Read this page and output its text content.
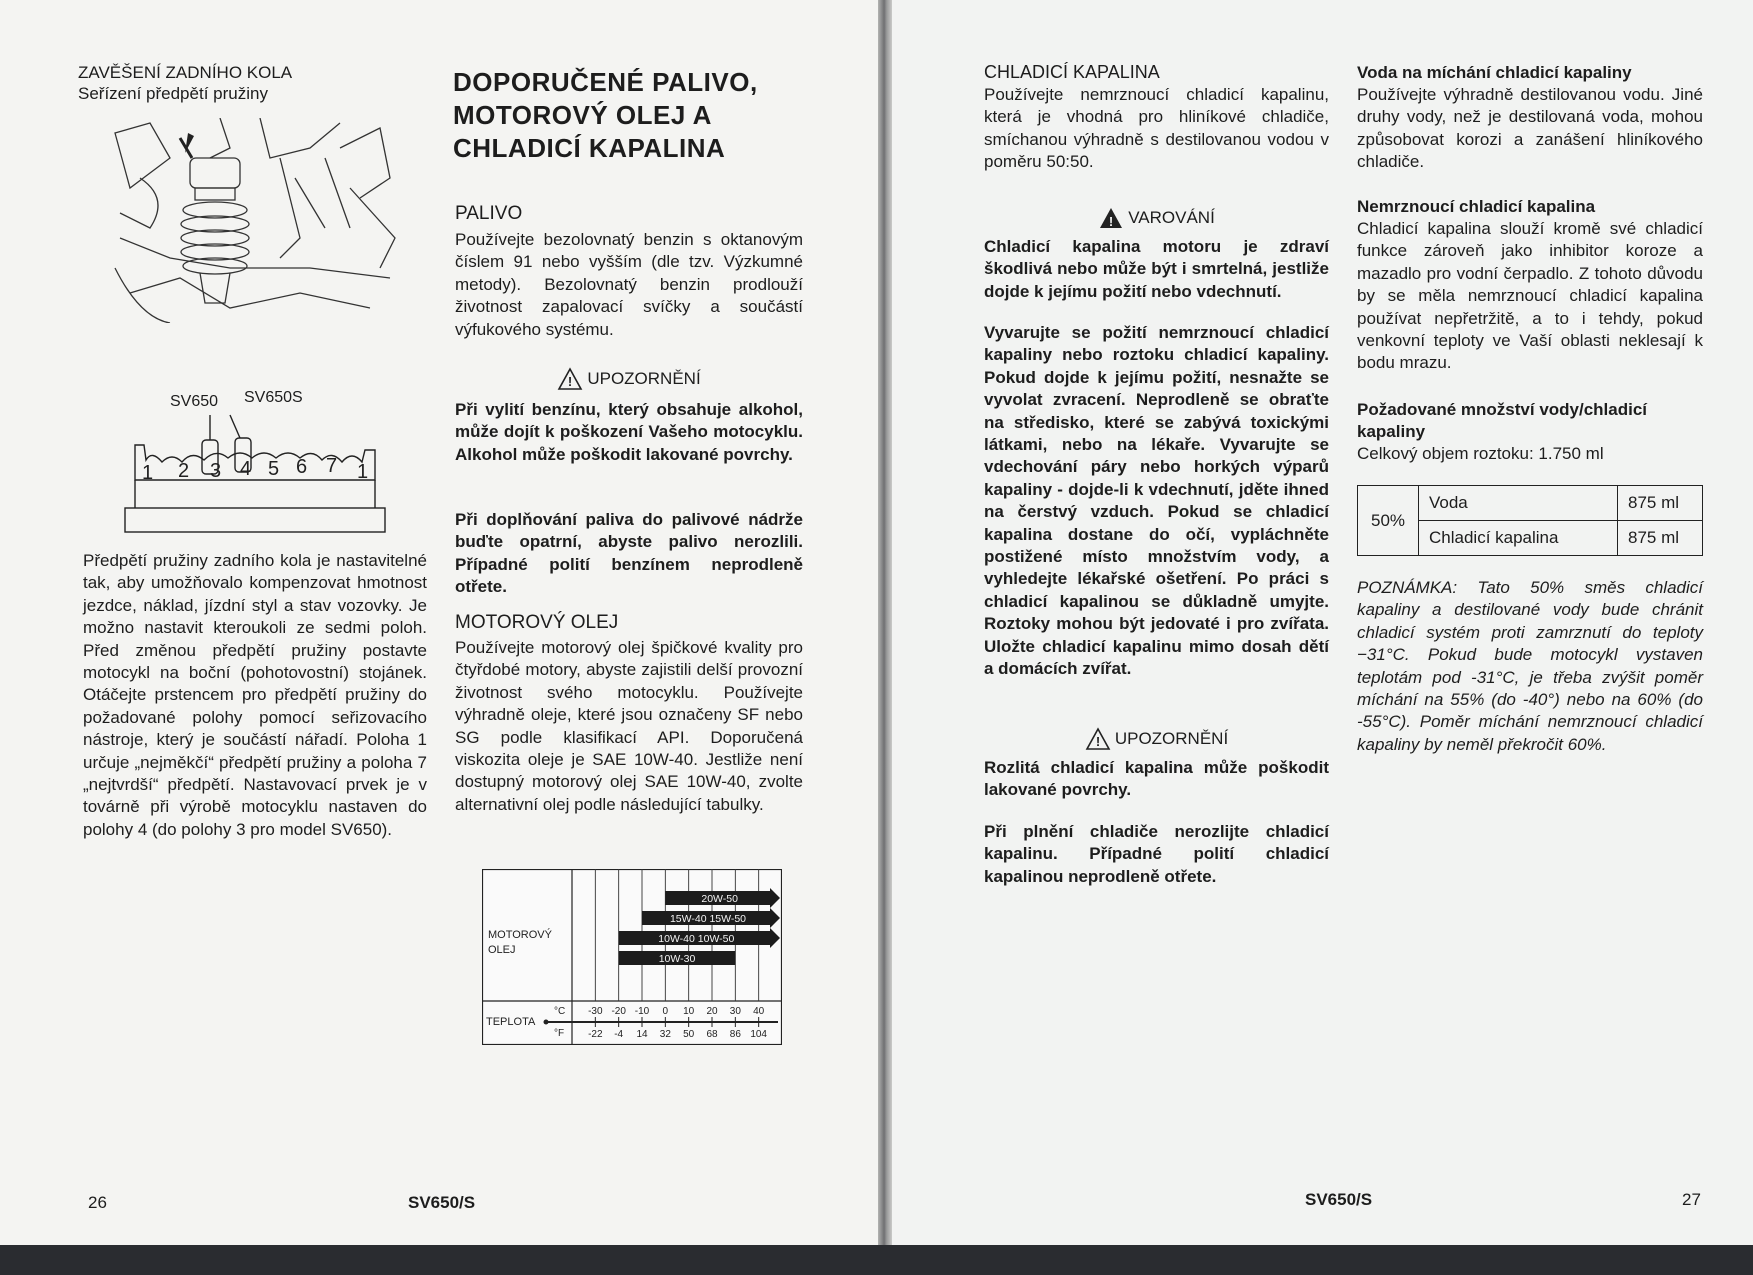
ZAVĚŠENÍ ZADNÍHO KOLA
Seřízení předpětí pružiny
SV650 SV650S
1 2 3 4 5 6 7 1
Předpětí pružiny zadního kola je nastavitelné tak, aby umožňovalo kompenzovat hmotnost jezdce, náklad, jízdní styl a stav vozovky. Je možno nastavit kteroukoli ze sedmi poloh. Před změnou předpětí pružiny postavte motocykl na boční (pohotovostní) stojánek. Otáčejte prstencem pro předpětí pružiny do požadované polohy pomocí seřizovacího nástroje, který je součástí nářadí. Poloha 1 určuje „nejměkčí“ předpětí pružiny a poloha 7 „nejtvrdší“ předpětí. Nastavovací prvek je v továrně při výrobě motocyklu nastaven do polohy 4 (do polohy 3 pro model SV650).
26	SV650/S
DOPORUČENÉ PALIVO, MOTOROVÝ OLEJ A CHLADICÍ KAPALINA
PALIVO
Používejte bezolovnatý benzin s oktanovým číslem 91 nebo vyšším (dle tzv. Výzkumné metody). Bezolovnatý benzin prodlouží životnost zapalovací svíčky a součástí výfukového systému.
! UPOZORNĚNÍ
Při vylití benzínu, který obsahuje alkohol, může dojít k poškození Vašeho motocyklu. Alkohol může poškodit lakované povrchy.
Při doplňování paliva do palivové nádrže buďte opatrní, abyste palivo nerozlili. Případné polití benzínem neprodleně otřete.
MOTOROVÝ OLEJ
Používejte motorový olej špičkové kvality pro čtyřdobé motory, abyste zajistili delší provozní životnost svého motocyklu. Používejte výhradně oleje, které jsou označeny SF nebo SG podle klasifikací API. Doporučená viskozita oleje je SAE 10W-40. Jestliže není dostupný motorový olej SAE 10W-40, zvolte alternativní olej podle následující tabulky.
20W-50
15W-40 15W-50
10W-40 10W-50
10W-30
MOTOROVÝ
OLEJ
TEPLOTA
°C
°F
-30
-22
-20
-4
-10
14
0
32
10
50
20
68
30
86
40
104

CHLADICÍ KAPALINA
Používejte nemrznoucí chladicí kapalinu, která je vhodná pro hliníkové chladiče, smíchanou výhradně s destilovanou vodou v poměru 50:50.
! VAROVÁNÍ
Chladicí kapalina motoru je zdraví škodlivá nebo může být i smrtelná, jestliže dojde k jejímu požití nebo vdechnutí.
Vyvarujte se požití nemrznoucí chladicí kapaliny nebo roztoku chladicí kapaliny. Pokud dojde k jejímu požití, nesnažte se vyvolat zvracení. Neprodleně se obraťte na středisko, které se zabývá toxickými látkami, nebo na lékaře. Vyvarujte se vdechování páry nebo horkých výparů kapaliny - dojde-li k vdechnutí, jděte ihned na čerstvý vzduch. Pokud se chladicí kapalina dostane do očí, vypláchněte postižené místo množstvím vody, a vyhledejte lékařské ošetření. Po práci s chladicí kapalinou se důkladně umyjte. Roztoky mohou být jedovaté i pro zvířata. Uložte chladicí kapalinu mimo dosah dětí a domácích zvířat.
! UPOZORNĚNÍ
Rozlitá chladicí kapalina může poškodit lakované povrchy.
Při plnění chladiče nerozlijte chladicí kapalinu. Případné polití chladicí kapalinou neprodleně otřete.
Voda na míchání chladicí kapaliny
Používejte výhradně destilovanou vodu. Jiné druhy vody, než je destilovaná voda, mohou způsobovat korozi a zanášení hliníkového chladiče.
Nemrznoucí chladicí kapalina
Chladicí kapalina slouží kromě své chladicí funkce zároveň jako inhibitor koroze a mazadlo pro vodní čerpadlo. Z tohoto důvodu by se měla nemrznoucí chladicí kapalina používat nepřetržitě, a to i tehdy, pokud venkovní teploty ve Vaší oblasti neklesají k bodu mrazu.
Požadované množství vody/chladicí kapaliny
Celkový objem roztoku: 1.750 ml
50%	Voda	875 ml
	Chladicí kapalina	875 ml
POZNÁMKA: Tato 50% směs chladicí kapaliny a destilované vody bude chránit chladicí systém proti zamrznutí do teploty −31°C. Pokud bude motocykl vystaven teplotám pod -31°C, je třeba zvýšit poměr míchání na 55% (do -40°) nebo na 60% (do -55°C). Poměr míchání nemrznoucí chladicí kapaliny by neměl překročit 60%.
SV650/S	27
